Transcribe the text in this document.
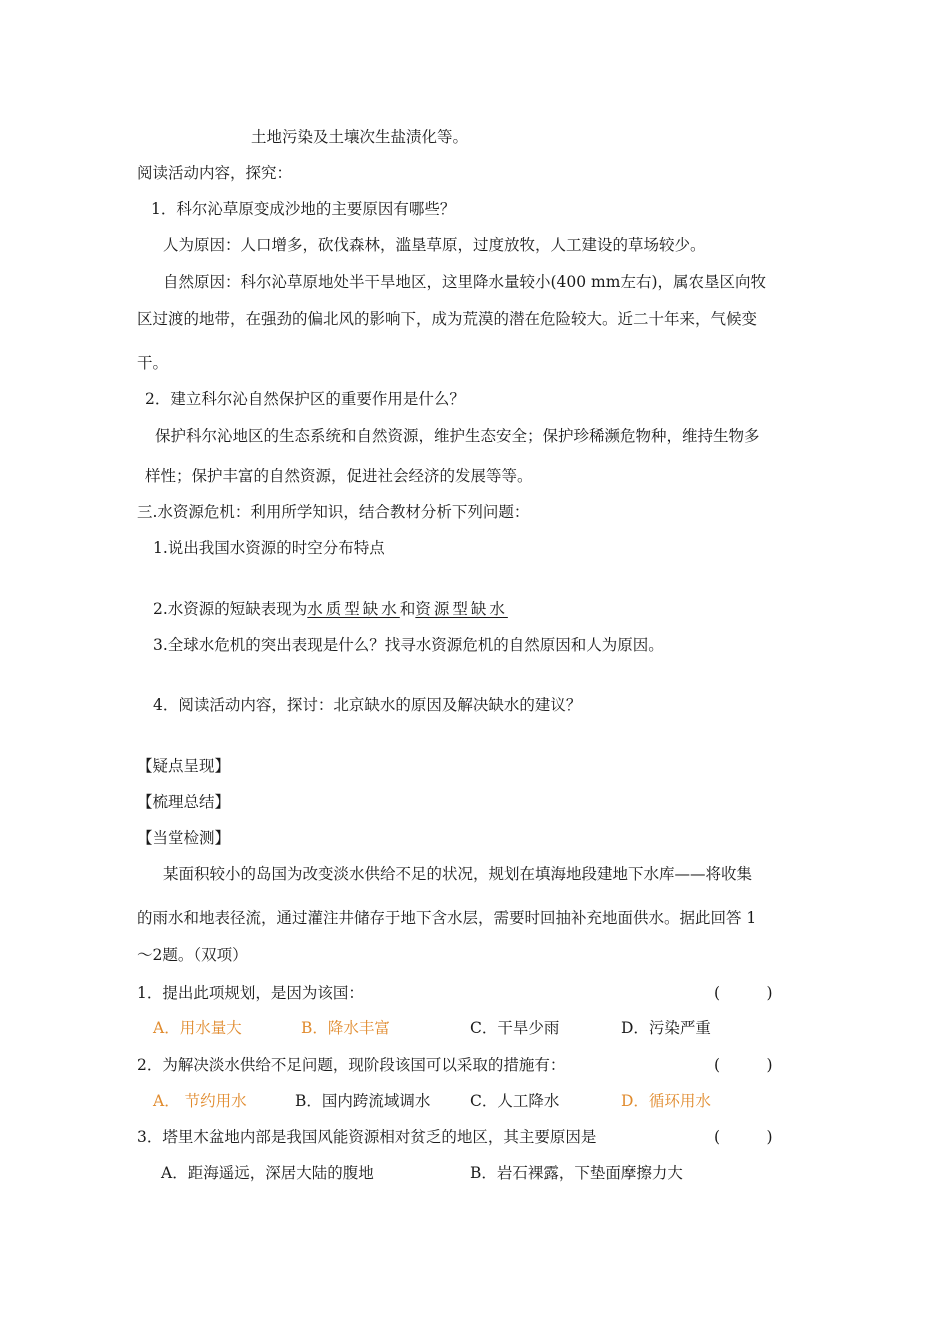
土地污染及土壤次生盐渍化等。
阅读活动内容，探究：
1．科尔沁草原变成沙地的主要原因有哪些？
人为原因：人口增多，砍伐森林，滥垦草原，过度放牧，人工建设的草场较少。
自然原因：科尔沁草原地处半干旱地区，这里降水量较小(400 mm左右)，属农垦区向牧
区过渡的地带，在强劲的偏北风的影响下，成为荒漠的潜在危险较大。近二十年来，气候变
干。
2．建立科尔沁自然保护区的重要作用是什么？
保护科尔沁地区的生态系统和自然资源，维护生态安全；保护珍稀濒危物种，维持生物多
样性；保护丰富的自然资源，促进社会经济的发展等等。
三.水资源危机：利用所学知识，结合教材分析下列问题：
1.说出我国水资源的时空分布特点
2.水资源的短缺表现为水质型缺水和资源型缺水
3.全球水危机的突出表现是什么？找寻水资源危机的自然原因和人为原因。
4．阅读活动内容，探讨：北京缺水的原因及解决缺水的建议？
【疑点呈现】
【梳理总结】
【当堂检测】
某面积较小的岛国为改变淡水供给不足的状况，规划在填海地段建地下水库——将收集
的雨水和地表径流，通过灌注井储存于地下含水层，需要时回抽补充地面供水。据此回答 1
～2题。（双项）
1．提出此项规划，是因为该国：	(　　　)
A．用水量大	B．降水丰富	C．干旱少雨	D．污染严重
2．为解决淡水供给不足问题，现阶段该国可以采取的措施有：	(　　　)
A． 节约用水	B．国内跨流域调水	C．人工降水	D．循环用水
3．塔里木盆地内部是我国风能资源相对贫乏的地区，其主要原因是	(　　　)
A．距海遥远，深居大陆的腹地	B．岩石裸露，下垫面摩擦力大
